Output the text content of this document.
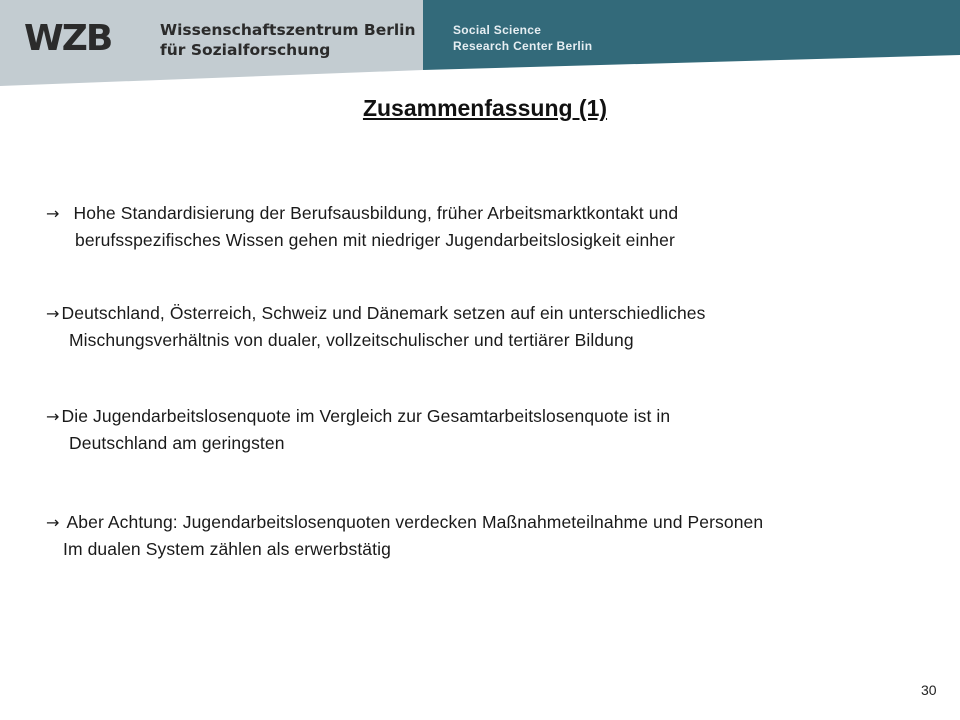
WZB	Wissenschaftszentrum Berlin
für Sozialforschung
Social Science
Research Center Berlin
Zusammenfassung (1)
→ Hohe Standardisierung der Berufsausbildung, früher Arbeitsmarktkontakt und
berufsspezifisches Wissen gehen mit niedriger Jugendarbeitslosigkeit einher
→ Deutschland, Österreich, Schweiz und Dänemark setzen auf ein unterschiedliches
Mischungsverhältnis von dualer, vollzeitschulischer und tertiärer Bildung
→ Die Jugendarbeitslosenquote im Vergleich zur Gesamtarbeitslosenquote ist in
Deutschland am geringsten
→ Aber Achtung: Jugendarbeitslosenquoten verdecken Maßnahmeteilnahme und Personen
Im dualen System zählen als erwerbstätig
30
